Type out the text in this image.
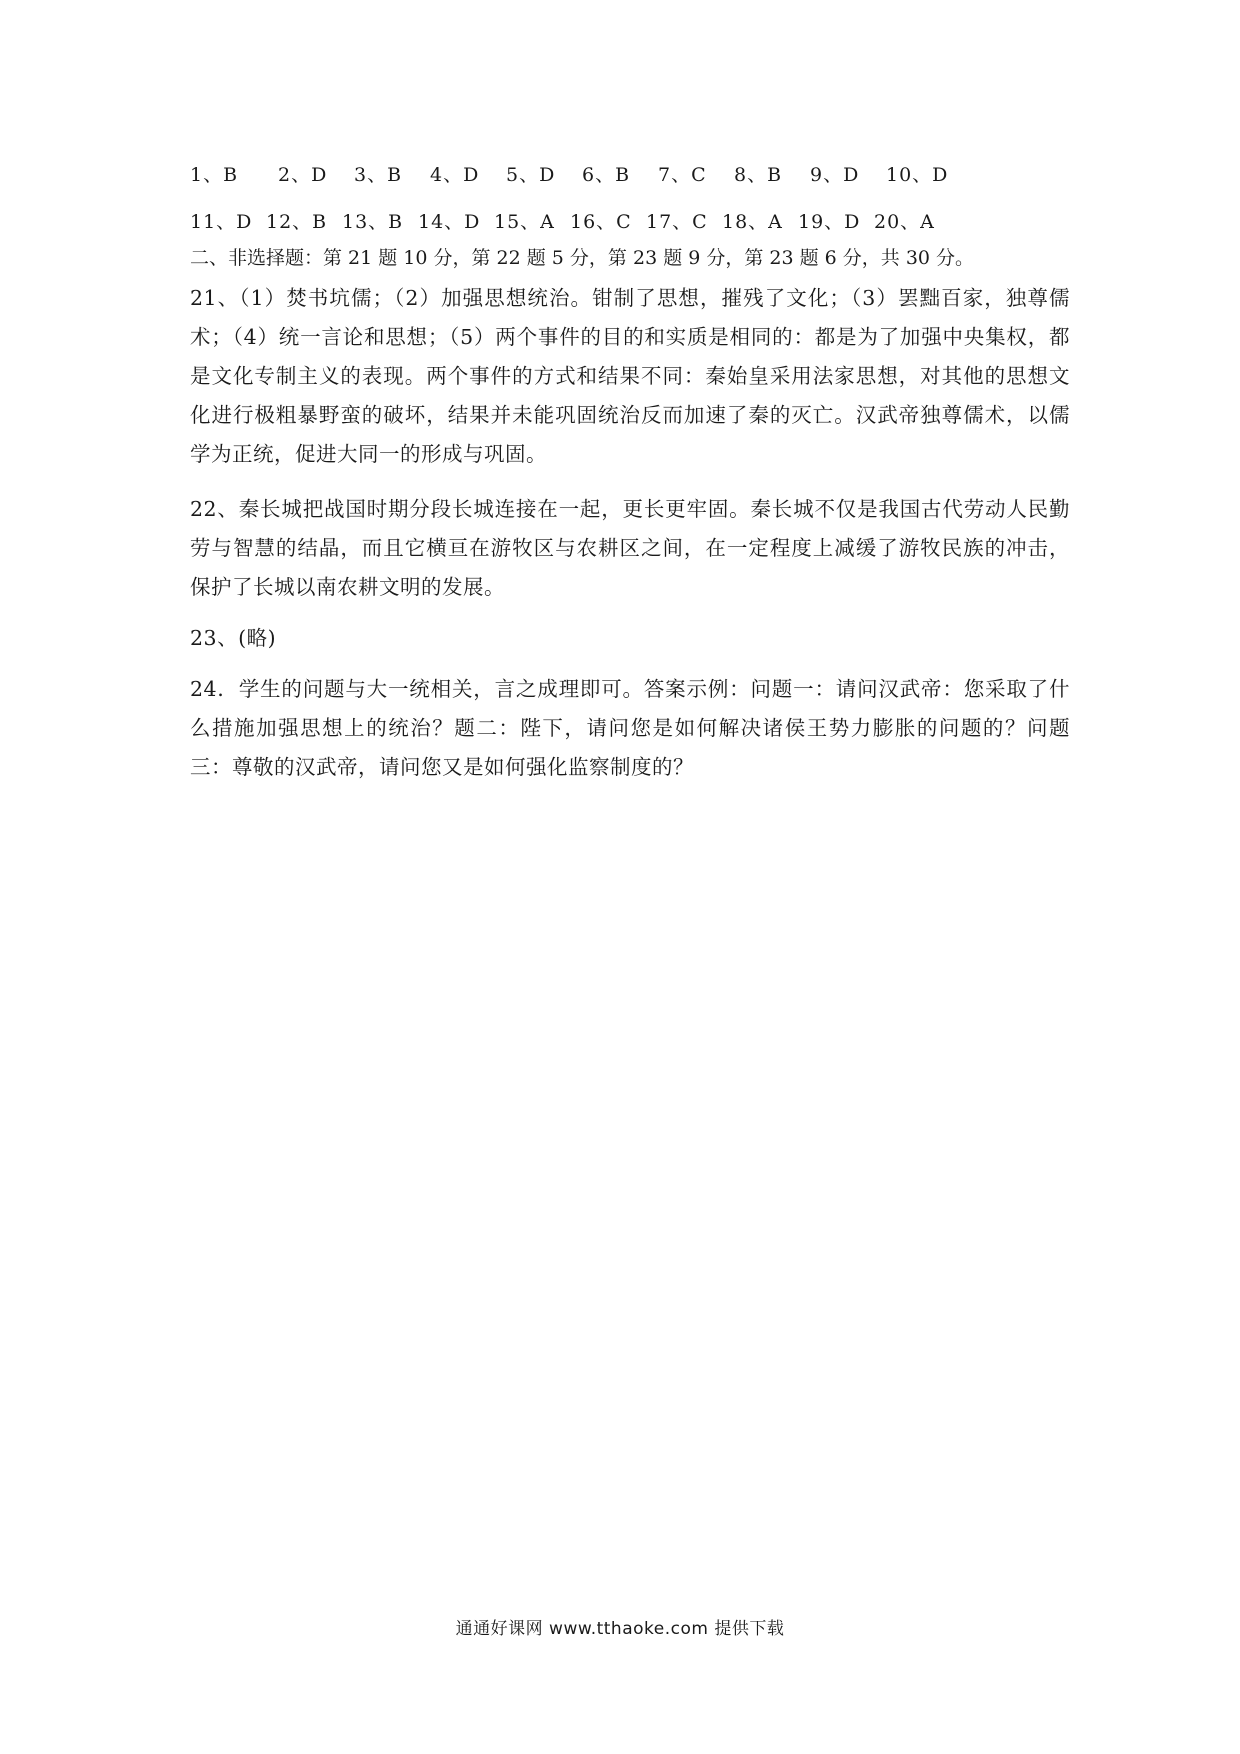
1、B	2、D	3、B	4、D	5、D	6、B	7、C	8、B	9、D	10、D
11、D 12、B 13、B 14、D 15、A 16、C 17、C 18、A 19、D 20、A
二、非选择题：第 21 题 10 分，第 22 题 5 分，第 23 题 9 分，第 23 题 6 分，共 30 分。

21、（1）焚书坑儒；（2）加强思想统治。钳制了思想，摧残了文化；（3）罢黜百家，独尊儒术；（4）统一言论和思想；（5）两个事件的目的和实质是相同的：都是为了加强中央集权，都是文化专制主义的表现。两个事件的方式和结果不同：秦始皇采用法家思想，对其他的思想文化进行极粗暴野蛮的破坏，结果并未能巩固统治反而加速了秦的灭亡。汉武帝独尊儒术，以儒学为正统，促进大同一的形成与巩固。

22、秦长城把战国时期分段长城连接在一起，更长更牢固。秦长城不仅是我国古代劳动人民勤劳与智慧的结晶，而且它横亘在游牧区与农耕区之间，在一定程度上减缓了游牧民族的冲击，保护了长城以南农耕文明的发展。

23、(略)

24．学生的问题与大一统相关，言之成理即可。答案示例：问题一：请问汉武帝：您采取了什么措施加强思想上的统治？题二：陛下，请问您是如何解决诸侯王势力膨胀的问题的？问题三：尊敬的汉武帝，请问您又是如何强化监察制度的？

通通好课网 www.tthaoke.com 提供下载
